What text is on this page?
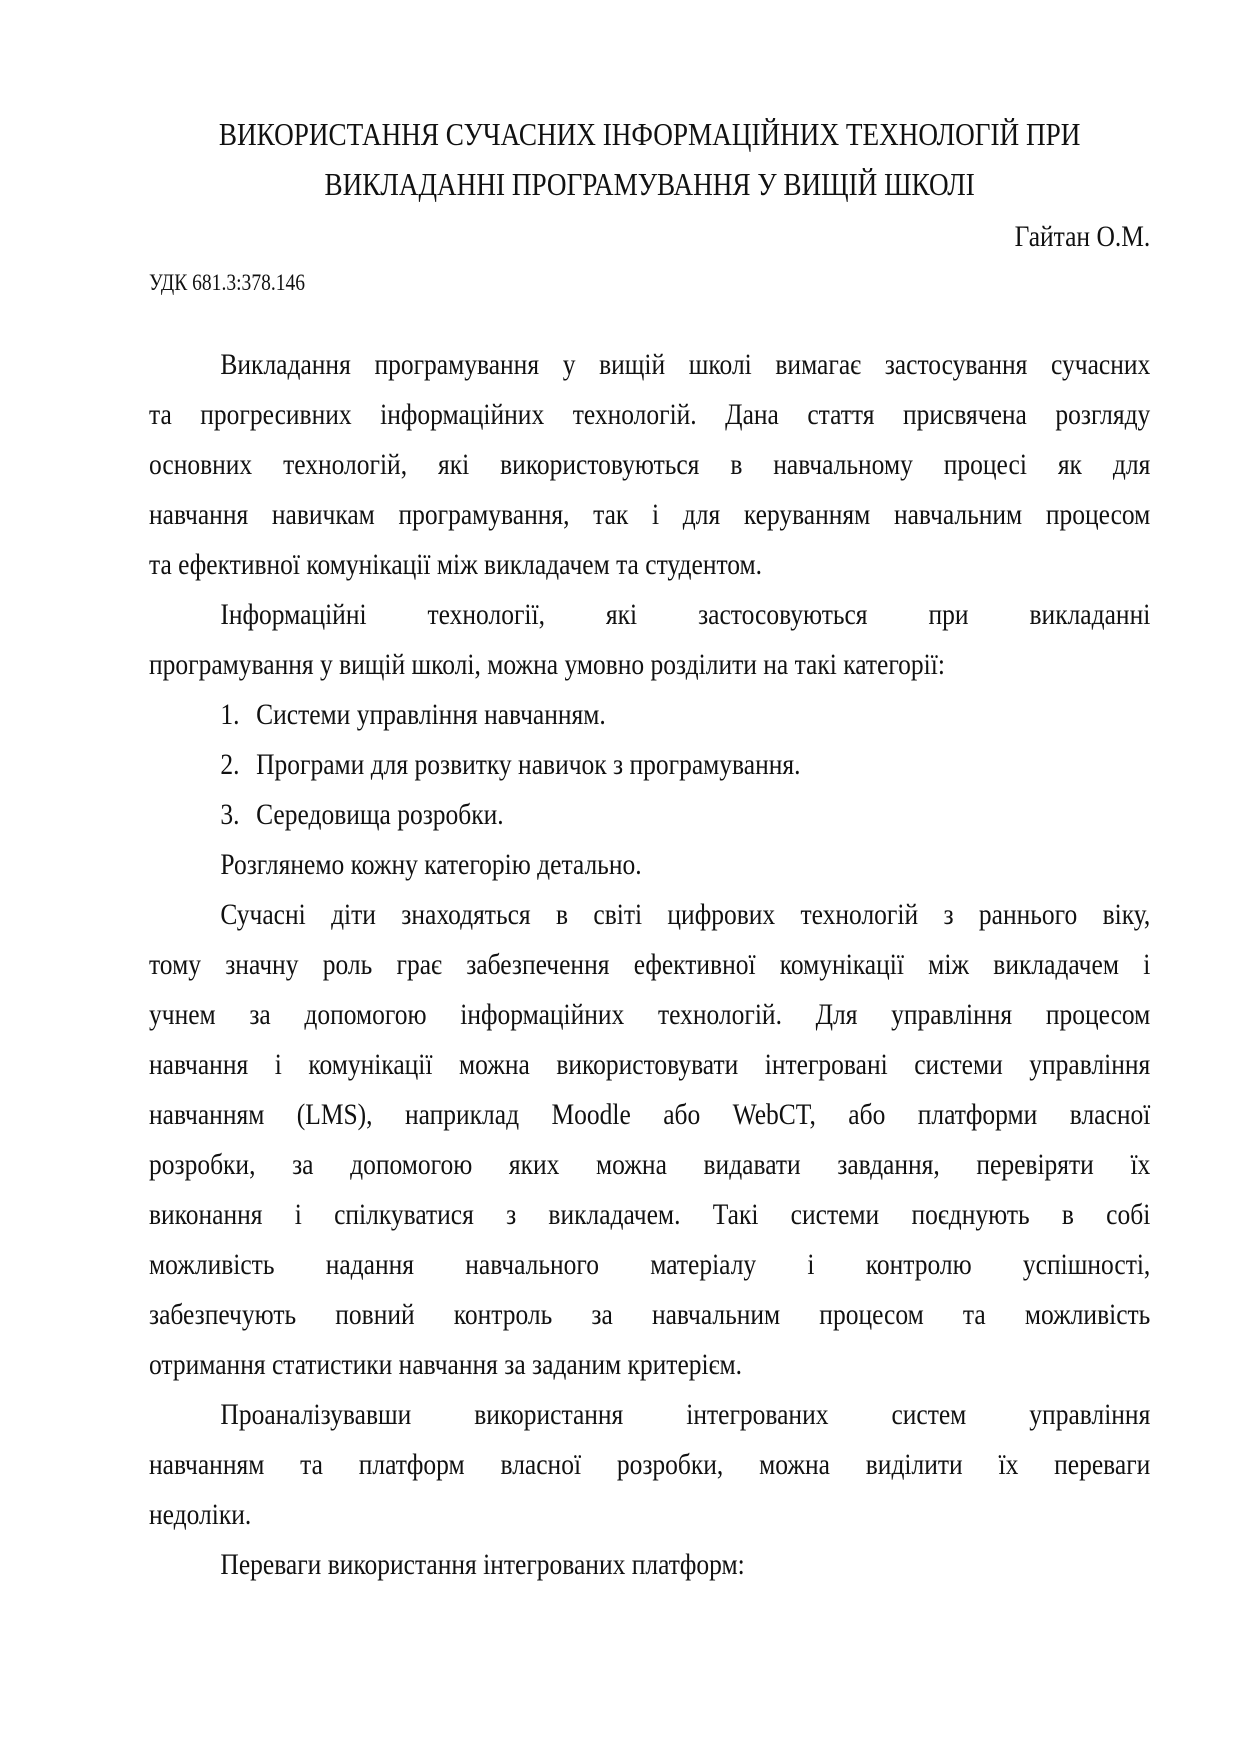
ВИКОРИСТАННЯ СУЧАСНИХ ІНФОРМАЦІЙНИХ ТЕХНОЛОГІЙ ПРИ
ВИКЛАДАННІ ПРОГРАМУВАННЯ У ВИЩІЙ ШКОЛІ
Гайтан О.М.
УДК 681.3:378.146
Викладання програмування у вищій школі вимагає застосування сучасних
та прогресивних інформаційних технологій. Дана стаття присвячена розгляду
основних технологій, які використовуються в навчальному процесі як для
навчання навичкам програмування, так і для керуванням навчальним процесом
та ефективної комунікації між викладачем та студентом.
Інформаційні технології, які застосовуються при викладанні
програмування у вищій школі, можна умовно розділити на такі категорії:
1. Системи управління навчанням.
2. Програми для розвитку навичок з програмування.
3. Середовища розробки.
Розглянемо кожну категорію детально.
Сучасні діти знаходяться в світі цифрових технологій з раннього віку,
тому значну роль грає забезпечення ефективної комунікації між викладачем і
учнем за допомогою інформаційних технологій. Для управління процесом
навчання і комунікації можна використовувати інтегровані системи управління
навчанням (LMS), наприклад Moodle або WebCT, або платформи власної
розробки, за допомогою яких можна видавати завдання, перевіряти їх
виконання і спілкуватися з викладачем. Такі системи поєднують в собі
можливість надання навчального матеріалу і контролю успішності,
забезпечують повний контроль за навчальним процесом та можливість
отримання статистики навчання за заданим критерієм.
Проаналізувавши використання інтегрованих систем управління
навчанням та платформ власної розробки, можна виділити їх переваги
недоліки.
Переваги використання інтегрованих платформ:
